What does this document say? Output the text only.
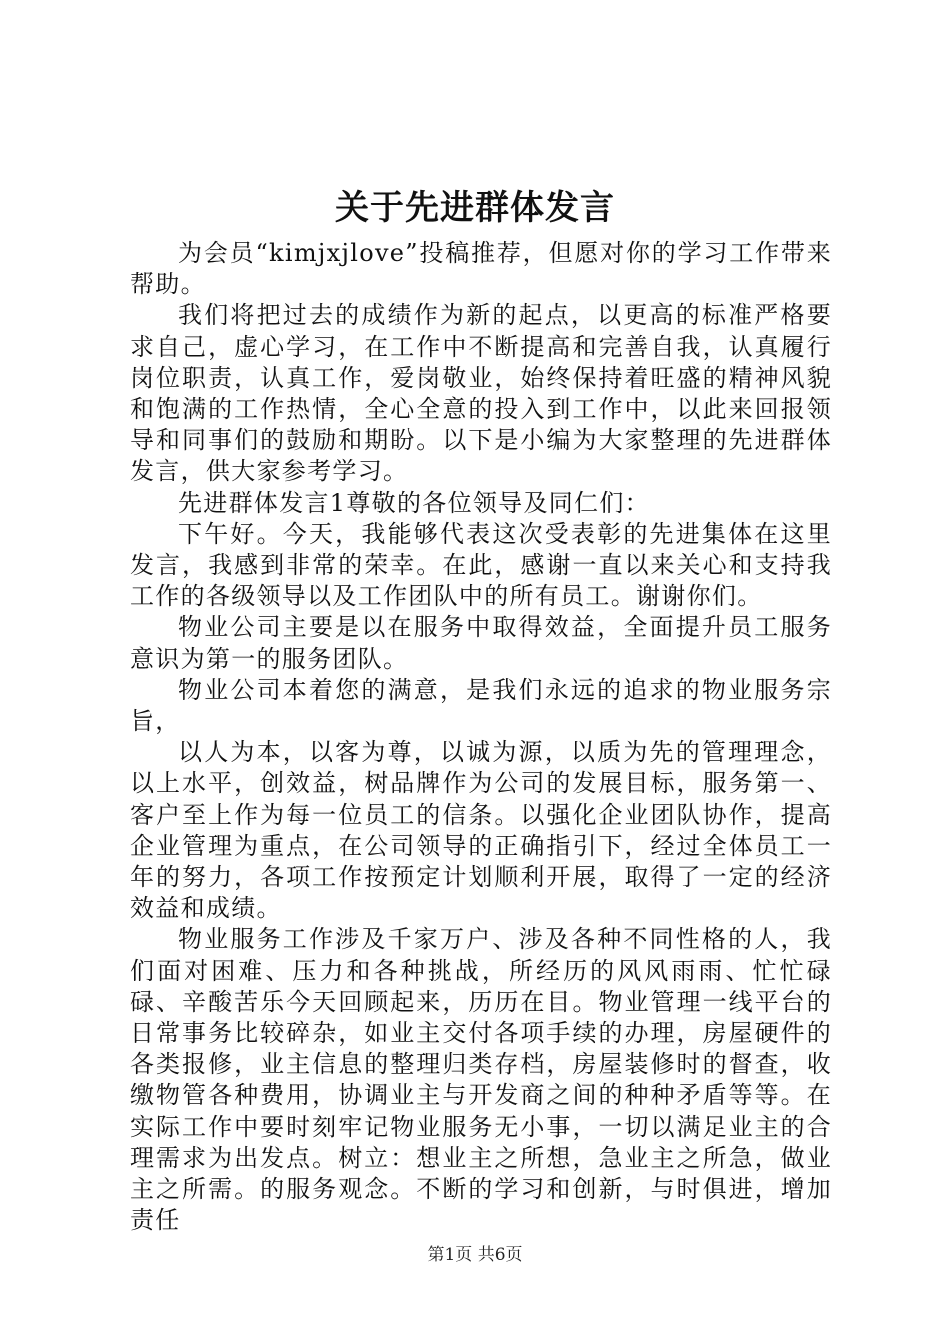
关于先进群体发言

为会员“kimjxjlove”投稿推荐，但愿对你的学习工作带来帮助。

我们将把过去的成绩作为新的起点，以更高的标准严格要求自己，虚心学习，在工作中不断提高和完善自我，认真履行岗位职责，认真工作，爱岗敬业，始终保持着旺盛的精神风貌和饱满的工作热情，全心全意的投入到工作中，以此来回报领导和同事们的鼓励和期盼。以下是小编为大家整理的先进群体发言，供大家参考学习。

先进群体发言1尊敬的各位领导及同仁们：

下午好。今天，我能够代表这次受表彰的先进集体在这里发言，我感到非常的荣幸。在此，感谢一直以来关心和支持我工作的各级领导以及工作团队中的所有员工。谢谢你们。

物业公司主要是以在服务中取得效益，全面提升员工服务意识为第一的服务团队。

物业公司本着您的满意，是我们永远的追求的物业服务宗旨，

以人为本，以客为尊，以诚为源，以质为先的管理理念，以上水平，创效益，树品牌作为公司的发展目标，服务第一、客户至上作为每一位员工的信条。以强化企业团队协作，提高企业管理为重点，在公司领导的正确指引下，经过全体员工一年的努力，各项工作按预定计划顺利开展，取得了一定的经济效益和成绩。

物业服务工作涉及千家万户、涉及各种不同性格的人，我们面对困难、压力和各种挑战，所经历的风风雨雨、忙忙碌碌、辛酸苦乐今天回顾起来，历历在目。物业管理一线平台的日常事务比较碎杂，如业主交付各项手续的办理，房屋硬件的各类报修，业主信息的整理归类存档，房屋装修时的督查，收缴物管各种费用，协调业主与开发商之间的种种矛盾等等。在实际工作中要时刻牢记物业服务无小事，一切以满足业主的合理需求为出发点。树立：想业主之所想，急业主之所急，做业主之所需。的服务观念。不断的学习和创新，与时俱进，增加责任

第1页 共6页
